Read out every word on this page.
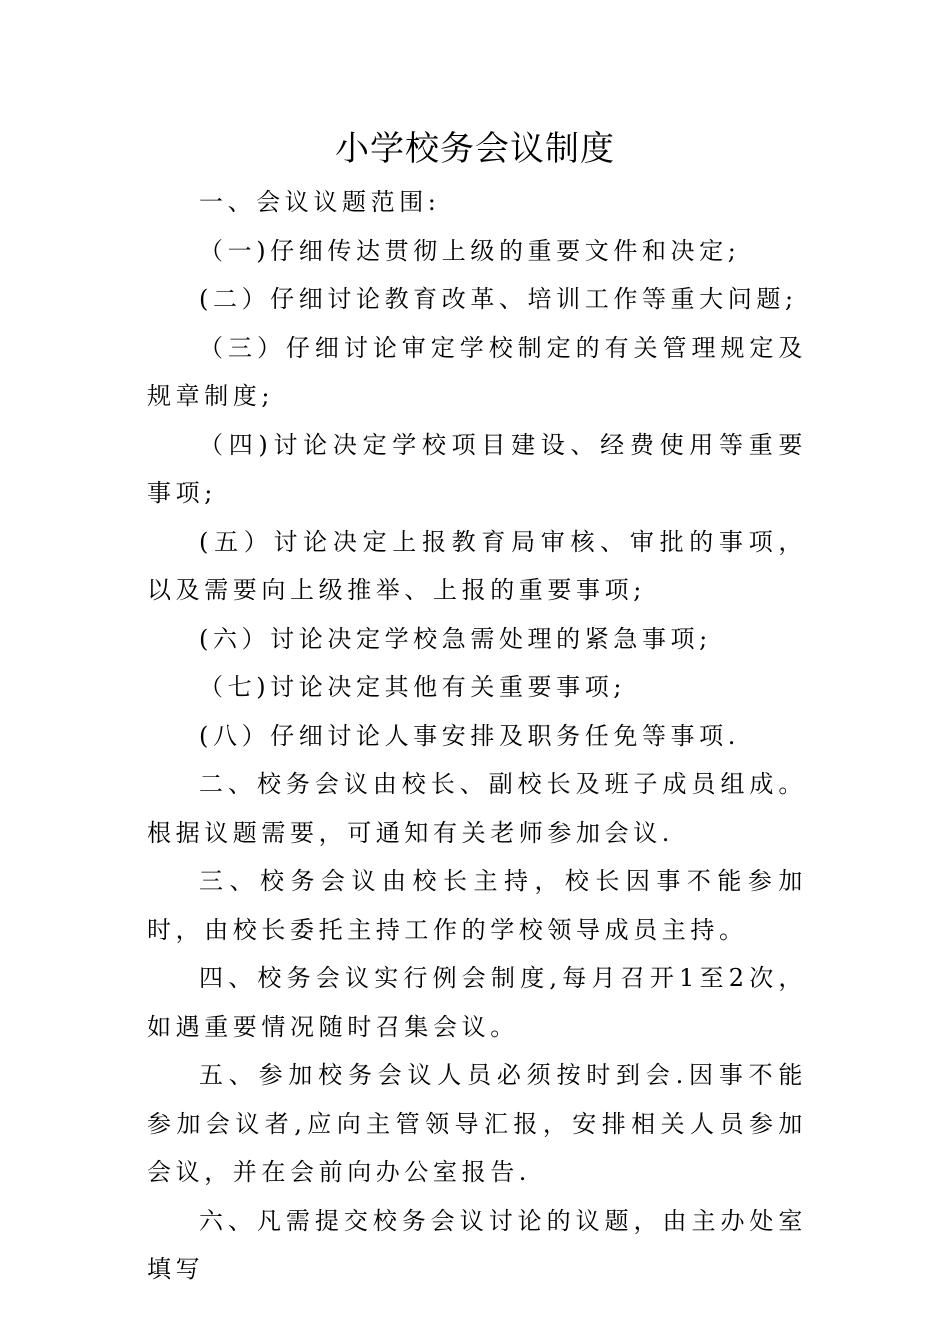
小学校务会议制度

一、会议议题范围:

（一)仔细传达贯彻上级的重要文件和决定;

(二）仔细讨论教育改革、培训工作等重大问题;

（三）仔细讨论审定学校制定的有关管理规定及规章制度;

（四)讨论决定学校项目建设、经费使用等重要事项;

(五）讨论决定上报教育局审核、审批的事项，以及需要向上级推举、上报的重要事项;

(六）讨论决定学校急需处理的紧急事项;

（七)讨论决定其他有关重要事项;

(八）仔细讨论人事安排及职务任免等事项.

二、校务会议由校长、副校长及班子成员组成。根据议题需要，可通知有关老师参加会议.

三、校务会议由校长主持，校长因事不能参加时，由校长委托主持工作的学校领导成员主持。

四、校务会议实行例会制度,每月召开1至2次，如遇重要情况随时召集会议。

五、参加校务会议人员必须按时到会.因事不能参加会议者,应向主管领导汇报，安排相关人员参加会议，并在会前向办公室报告.

六、凡需提交校务会议讨论的议题，由主办处室填写
